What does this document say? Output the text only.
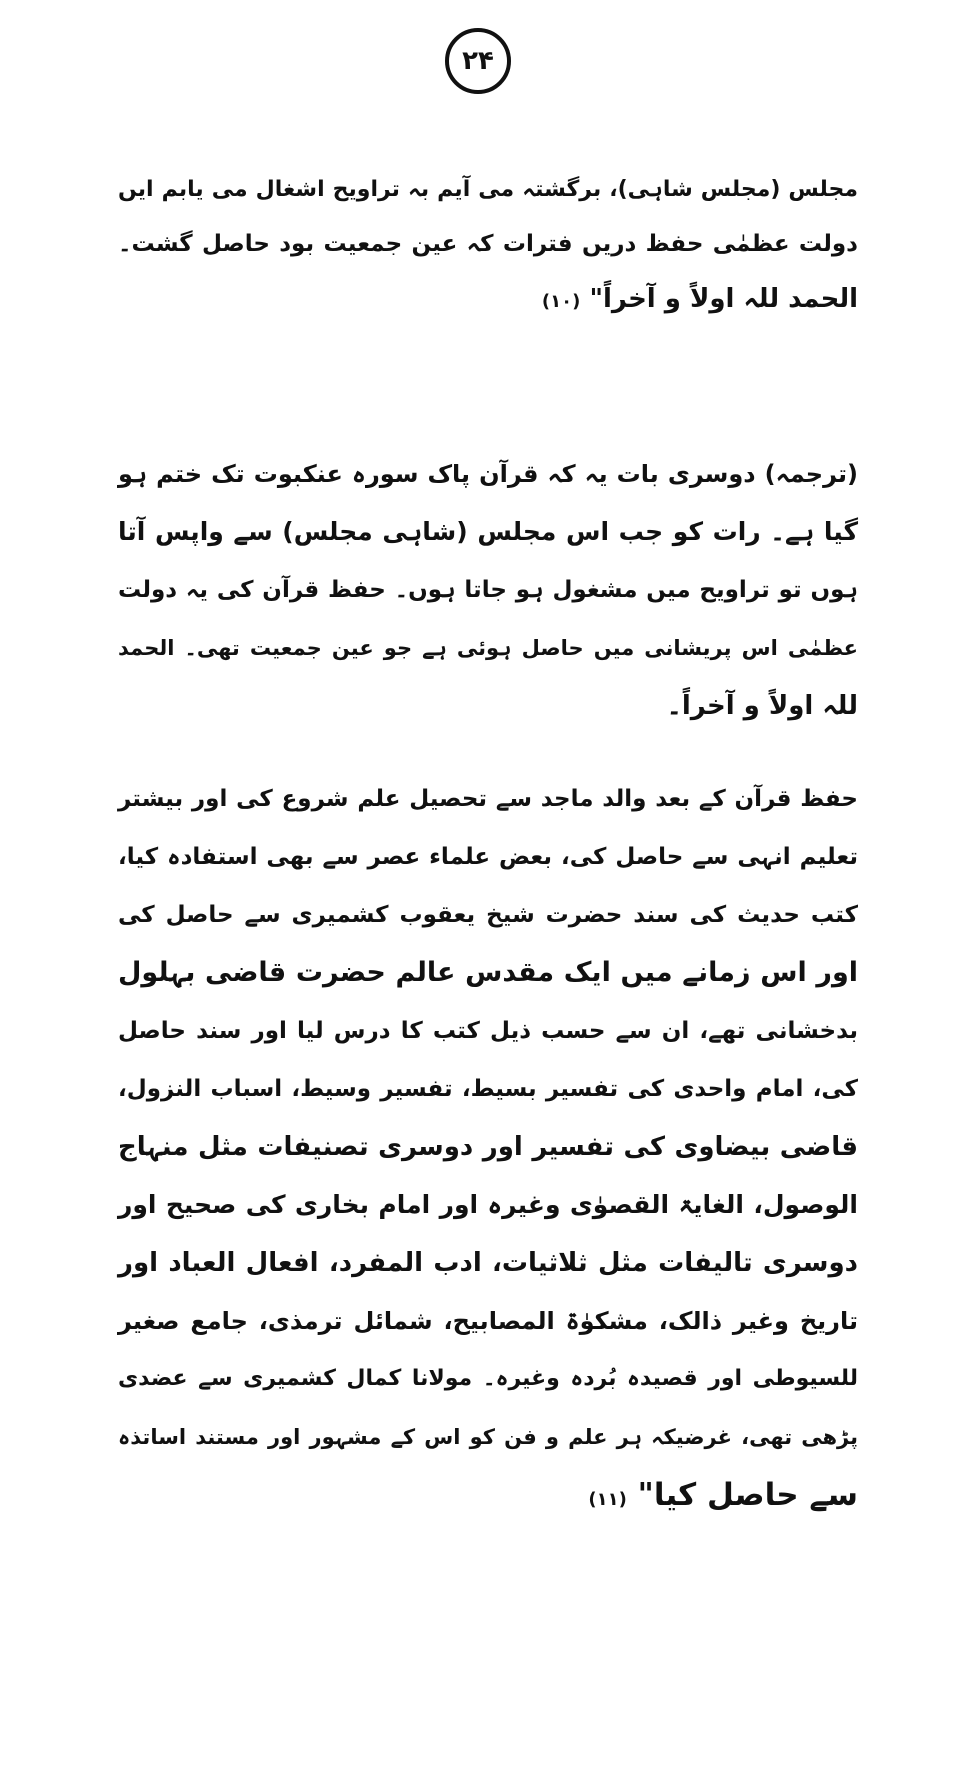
۲۴
مجلس (مجلس شاہی)، برگشتہ می آیم بہ تراویح اشغال می یابم ایں
دولت عظمٰی حفظ دریں فترات کہ عین جمعیت بود حاصل گشت۔
الحمد للہ اولاً و آخراً" (۱۰)
(ترجمہ) دوسری بات یہ کہ قرآن پاک سورہ عنکبوت تک ختم ہو
گیا ہے۔ رات کو جب اس مجلس (شاہی مجلس) سے واپس آتا
ہوں تو تراویح میں مشغول ہو جاتا ہوں۔ حفظ قرآن کی یہ دولت
عظمٰی اس پریشانی میں حاصل ہوئی ہے جو عین جمعیت تھی۔ الحمد
للہ اولاً و آخراً۔
حفظ قرآن کے بعد والد ماجد سے تحصیل علم شروع کی اور بیشتر
تعلیم انہی سے حاصل کی، بعض علماء عصر سے بھی استفادہ کیا،
کتب حدیث کی سند حضرت شیخ یعقوب کشمیری سے حاصل کی
اور اس زمانے میں ایک مقدس عالم حضرت قاضی بہلول
بدخشانی تھے، ان سے حسب ذیل کتب کا درس لیا اور سند حاصل
کی، امام واحدی کی تفسیر بسیط، تفسیر وسیط، اسباب النزول،
قاضی بیضاوی کی تفسیر اور دوسری تصنیفات مثل منہاج
الوصول، الغایۃ القصوٰی وغیرہ اور امام بخاری کی صحیح اور
دوسری تالیفات مثل ثلاثیات، ادب المفرد، افعال العباد اور
تاریخ وغیر ذالک، مشکوٰۃ المصابیح، شمائل ترمذی، جامع صغیر
للسیوطی اور قصیدہ بُردہ وغیرہ۔ مولانا کمال کشمیری سے عضدی
پڑھی تھی، غرضیکہ ہر علم و فن کو اس کے مشہور اور مستند اساتذہ
سے حاصل کیا" (۱۱)
